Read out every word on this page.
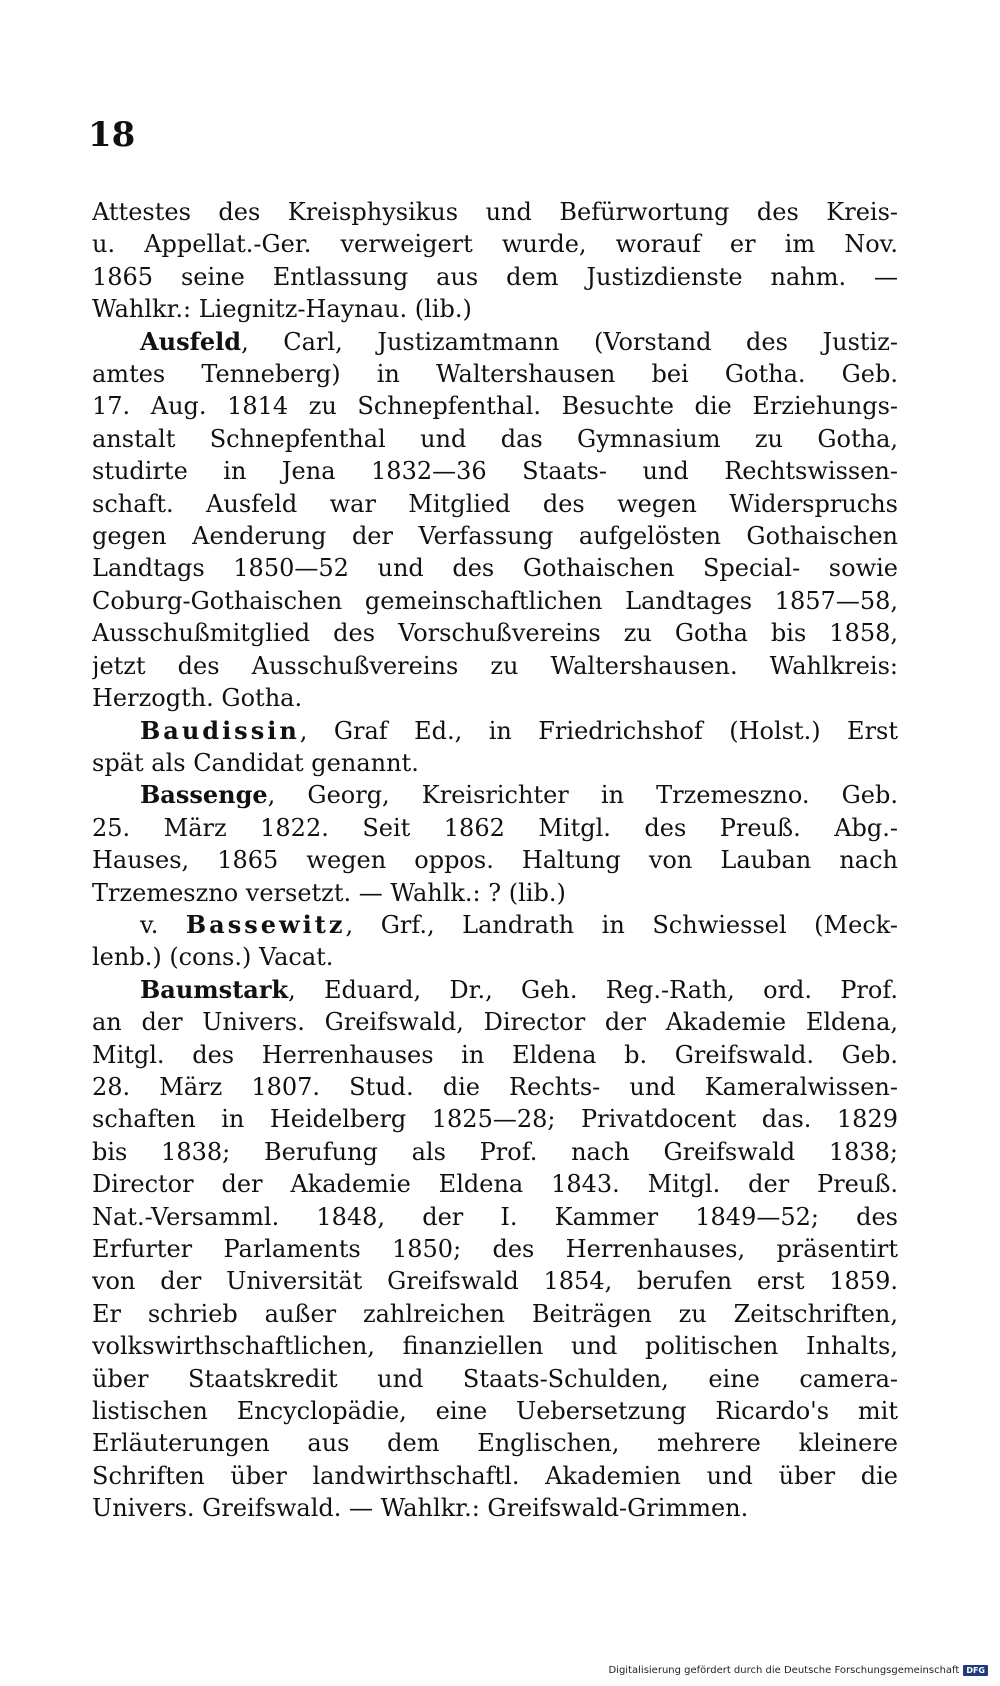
18
Attestes des Kreisphysikus und Befürwortung des Kreis-
u. Appellat.-Ger. verweigert wurde, worauf er im Nov.
1865 seine Entlassung aus dem Justizdienste nahm. —
Wahlkr.: Liegnitz-Haynau. (lib.)
Ausfeld, Carl, Justizamtmann (Vorstand des Justiz-
amtes Tenneberg) in Waltershausen bei Gotha. Geb.
17. Aug. 1814 zu Schnepfenthal. Besuchte die Erziehungs-
anstalt Schnepfenthal und das Gymnasium zu Gotha,
studirte in Jena 1832—36 Staats- und Rechtswissen-
schaft. Ausfeld war Mitglied des wegen Widerspruchs
gegen Aenderung der Verfassung aufgelösten Gothaischen
Landtags 1850—52 und des Gothaischen Special- sowie
Coburg-Gothaischen gemeinschaftlichen Landtages 1857—58,
Ausschußmitglied des Vorschußvereins zu Gotha bis 1858,
jetzt des Ausschußvereins zu Waltershausen. Wahlkreis:
Herzogth. Gotha.
Baudissin, Graf Ed., in Friedrichshof (Holst.) Erst
spät als Candidat genannt.
Bassenge, Georg, Kreisrichter in Trzemeszno. Geb.
25. März 1822. Seit 1862 Mitgl. des Preuß. Abg.-
Hauses, 1865 wegen oppos. Haltung von Lauban nach
Trzemeszno versetzt. — Wahlk.: ? (lib.)
v. Bassewitz, Grf., Landrath in Schwiessel (Meck-
lenb.) (cons.) Vacat.
Baumstark, Eduard, Dr., Geh. Reg.-Rath, ord. Prof.
an der Univers. Greifswald, Director der Akademie Eldena,
Mitgl. des Herrenhauses in Eldena b. Greifswald. Geb.
28. März 1807. Stud. die Rechts- und Kameralwissen-
schaften in Heidelberg 1825—28; Privatdocent das. 1829
bis 1838; Berufung als Prof. nach Greifswald 1838;
Director der Akademie Eldena 1843. Mitgl. der Preuß.
Nat.-Versamml. 1848, der I. Kammer 1849—52; des
Erfurter Parlaments 1850; des Herrenhauses, präsentirt
von der Universität Greifswald 1854, berufen erst 1859.
Er schrieb außer zahlreichen Beiträgen zu Zeitschriften,
volkswirthschaftlichen, finanziellen und politischen Inhalts,
über Staatskredit und Staats-Schulden, eine camera-
listischen Encyclopädie, eine Uebersetzung Ricardo's mit
Erläuterungen aus dem Englischen, mehrere kleinere
Schriften über landwirthschaftl. Akademien und über die
Univers. Greifswald. — Wahlkr.: Greifswald-Grimmen.
Digitalisierung gefördert durch die Deutsche Forschungsgemeinschaft DFG
